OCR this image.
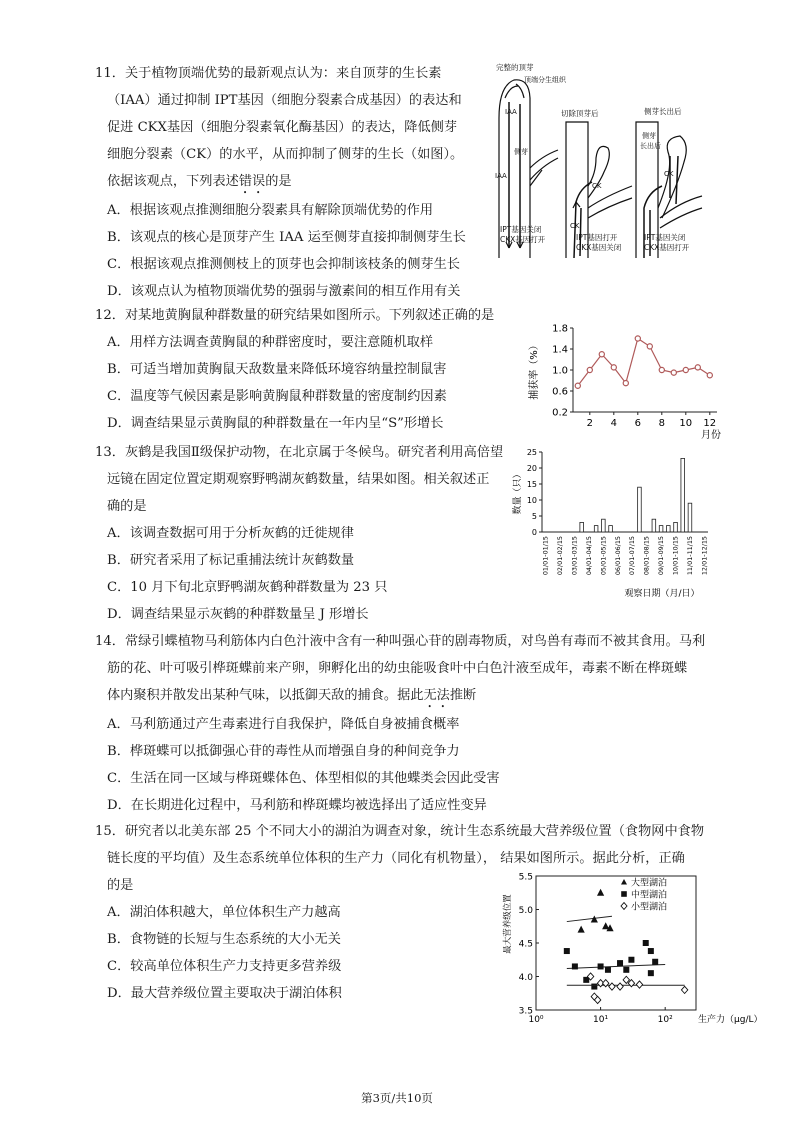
11．关于植物顶端优势的最新观点认为：来自顶芽的生长素
（IAA）通过抑制 IPT基因（细胞分裂素合成基因）的表达和
促进 CKX基因（细胞分裂素氧化酶基因）的表达，降低侧芽
细胞分裂素（CK）的水平，从而抑制了侧芽的生长（如图）。
依据该观点，下列表述错误的是
A．根据该观点推测细胞分裂素具有解除顶端优势的作用
B．该观点的核心是顶芽产生 IAA 运至侧芽直接抑制侧芽生长
C．根据该观点推测侧枝上的顶芽也会抑制该枝条的侧芽生长
D．该观点认为植物顶端优势的强弱与激素间的相互作用有关
完整的顶芽
顶端分生组织
IAA
侧芽
IAA
切除顶芽后
CK
CK
侧芽长出后
侧芽
长出后
CK
IPT基因关闭
CKX基因打开	IPT基因打开
CKX基因关闭
IPT基因关闭
CKX基因打开
12．对某地黄胸鼠种群数量的研究结果如图所示。下列叙述正确的是
A．用样方法调查黄胸鼠的种群密度时，要注意随机取样
B．可适当增加黄胸鼠天敌数量来降低环境容纳量控制鼠害
C．温度等气候因素是影响黄胸鼠种群数量的密度制约因素
D．调查结果显示黄胸鼠的种群数量在一年内呈“S”形增长
0.2
0.6
1.0
1.4
1.8
2 4 6 8 10 12
捕获率（%）
月份
13．灰鹤是我国Ⅱ级保护动物，在北京属于冬候鸟。研究者利用高倍望
远镜在固定位置定期观察野鸭湖灰鹤数量，结果如图。相关叙述正
确的是
A．该调查数据可用于分析灰鹤的迁徙规律
B．研究者采用了标记重捕法统计灰鹤数量
C．10 月下旬北京野鸭湖灰鹤种群数量为 23 只
D．调查结果显示灰鹤的种群数量呈 J 形增长
0
5
10
15
20
25
01/01-01/15 02/01-02/15 03/01-03/15 04/01-04/15 05/01-05/15 06/01-06/15 07/01-07/15 08/01-08/15 09/01-09/15 10/01-10/15 11/01-11/15 12/01-12/15
数量（只）
观察日期（月/日）
14．常绿引蝶植物马利筋体内白色汁液中含有一种叫强心苷的剧毒物质，对鸟兽有毒而不被其食用。马利
筋的花、叶可吸引桦斑蝶前来产卵，卵孵化出的幼虫能吸食叶中白色汁液至成年，毒素不断在桦斑蝶
体内聚积并散发出某种气味，以抵御天敌的捕食。据此无法推断
A．马利筋通过产生毒素进行自我保护，降低自身被捕食概率
B．桦斑蝶可以抵御强心苷的毒性从而增强自身的种间竞争力
C．生活在同一区域与桦斑蝶体色、体型相似的其他蝶类会因此受害
D．在长期进化过程中，马利筋和桦斑蝶均被选择出了适应性变异
15．研究者以北美东部 25 个不同大小的湖泊为调查对象，统计生态系统最大营养级位置（食物网中食物
链长度的平均值）及生态系统单位体积的生产力（同化有机物量）， 结果如图所示。据此分析，正确
的是
A．湖泊体积越大，单位体积生产力越高
B．食物链的长短与生态系统的大小无关
C．较高单位体积生产力支持更多营养级
D．最大营养级位置主要取决于湖泊体积
3.5
4.0
4.5
5.0
5.5
10⁰	10¹	10²
大型湖泊
中型湖泊
小型湖泊
最大营养级位置
生产力（μg/L）
第3页/共10页
